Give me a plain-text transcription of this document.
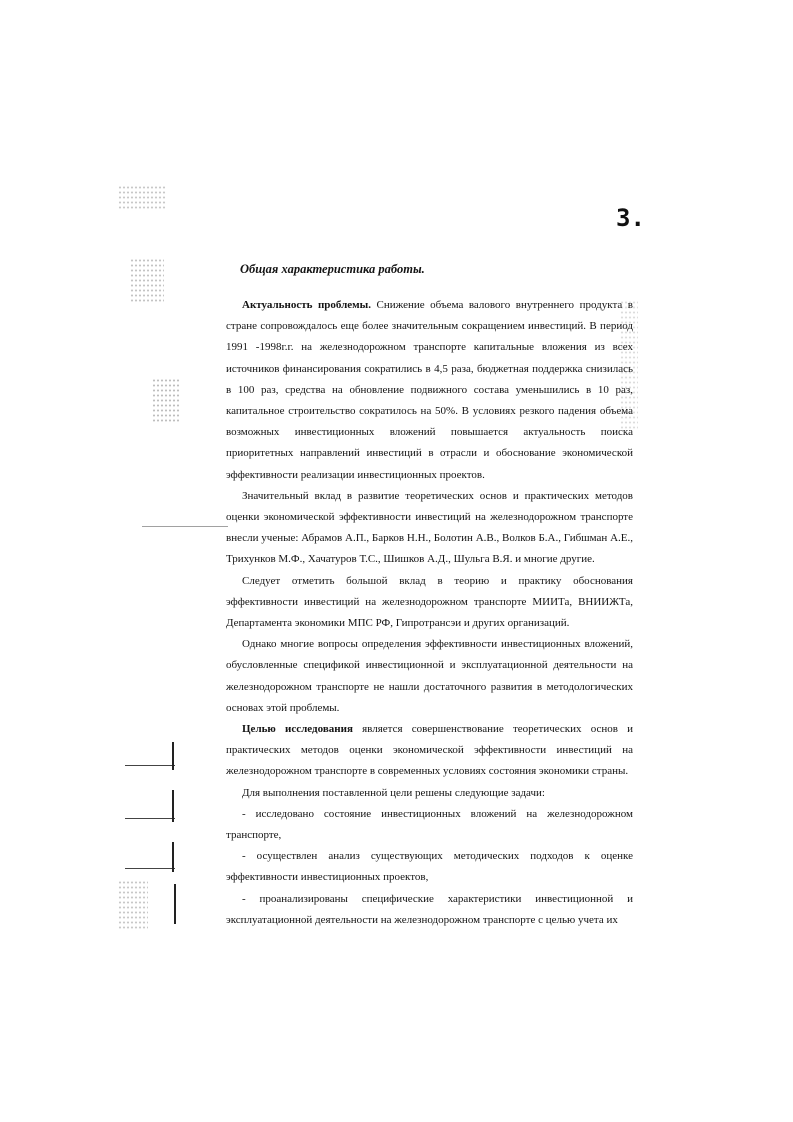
3.
Общая характеристика работы.

Актуальность проблемы. Снижение объема валового внутреннего продукта в стране сопровождалось еще более значительным сокращением инвестиций. В период 1991 -1998г.г. на железнодорожном транспорте капитальные вложения из всех источников финансирования сократились в 4,5 раза, бюджетная поддержка снизилась в 100 раз, средства на обновление подвижного состава уменьшились в 10 раз, капитальное строительство сократилось на 50%. В условиях резкого падения объема возможных инвестиционных вложений повышается актуальность поиска приоритетных направлений инвестиций в отрасли и обоснование экономической эффективности реализации инвестиционных проектов.

Значительный вклад в развитие теоретических основ и практических методов оценки экономической эффективности инвестиций на железнодорожном транспорте внесли ученые: Абрамов А.П., Барков Н.Н., Болотин А.В., Волков Б.А., Гибшман А.Е., Трихунков М.Ф., Хачатуров Т.С., Шишков А.Д., Шульга В.Я. и многие другие.

Следует отметить большой вклад в теорию и практику обоснования эффективности инвестиций на железнодорожном транспорте МИИТа, ВНИИЖТа, Департамента экономики МПС РФ, Гипротрансэи и других организаций.

Однако многие вопросы определения эффективности инвестиционных вложений, обусловленные спецификой инвестиционной и эксплуатационной деятельности на железнодорожном транспорте не нашли достаточного развития в методологических основах этой проблемы.

Целью исследования является совершенствование теоретических основ и практических методов оценки экономической эффективности инвестиций на железнодорожном транспорте в современных условиях состояния экономики страны.

Для выполнения поставленной цели решены следующие задачи:

- исследовано состояние инвестиционных вложений на железнодорожном транспорте,

- осуществлен анализ существующих методических подходов к оценке эффективности инвестиционных проектов,

- проанализированы специфические характеристики инвестиционной и эксплуатационной деятельности на железнодорожном транспорте с целью учета их
